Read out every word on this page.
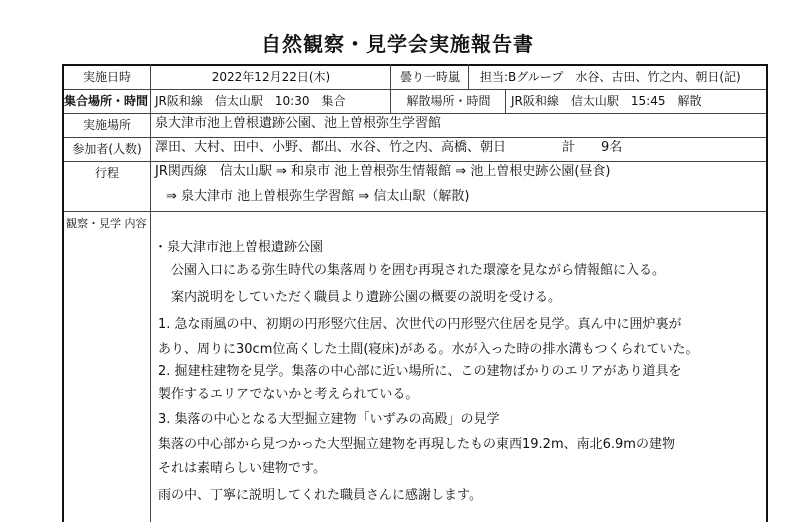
自然観察・見学会実施報告書
実施日時	2022年12月22日(木)	曇り一時嵐	担当:Bグループ　水谷、古田、竹之内、朝日(記)
集合場所・時間 JR阪和線　信太山駅　10:30　集合	解散場所・時間	JR阪和線　信太山駅　15:45　解散
実施場所	泉大津市池上曽根遺跡公園、池上曽根弥生学習館
参加者(人数)	澤田、大村、田中、小野、都出、水谷、竹之内、高橋、朝日	計　　9名
行程	JR関西線　信太山駅 ⇒ 和泉市 池上曽根弥生情報館 ⇒ 池上曽根史跡公園(昼食)
⇒ 泉大津市 池上曽根弥生学習館 ⇒ 信太山駅（解散)
観察・見学 内容
・泉大津市池上曽根遺跡公園
　公園入口にある弥生時代の集落周りを囲む再現された環濠を見ながら情報館に入る。
　案内説明をしていただく職員より遺跡公園の概要の説明を受ける。
1. 急な雨風の中、初期の円形竪穴住居、次世代の円形竪穴住居を見学。真ん中に囲炉裏が
あり、周りに30cm位高くした土間(寝床)がある。水が入った時の排水溝もつくられていた。
2. 掘建柱建物を見学。集落の中心部に近い場所に、この建物ばかりのエリアがあり道具を
製作するエリアでないかと考えられている。
3. 集落の中心となる大型掘立建物「いずみの高殿」の見学
集落の中心部から見つかった大型掘立建物を再現したもの東西19.2m、南北6.9mの建物
それは素晴らしい建物です。
雨の中、丁寧に説明してくれた職員さんに感謝します。
